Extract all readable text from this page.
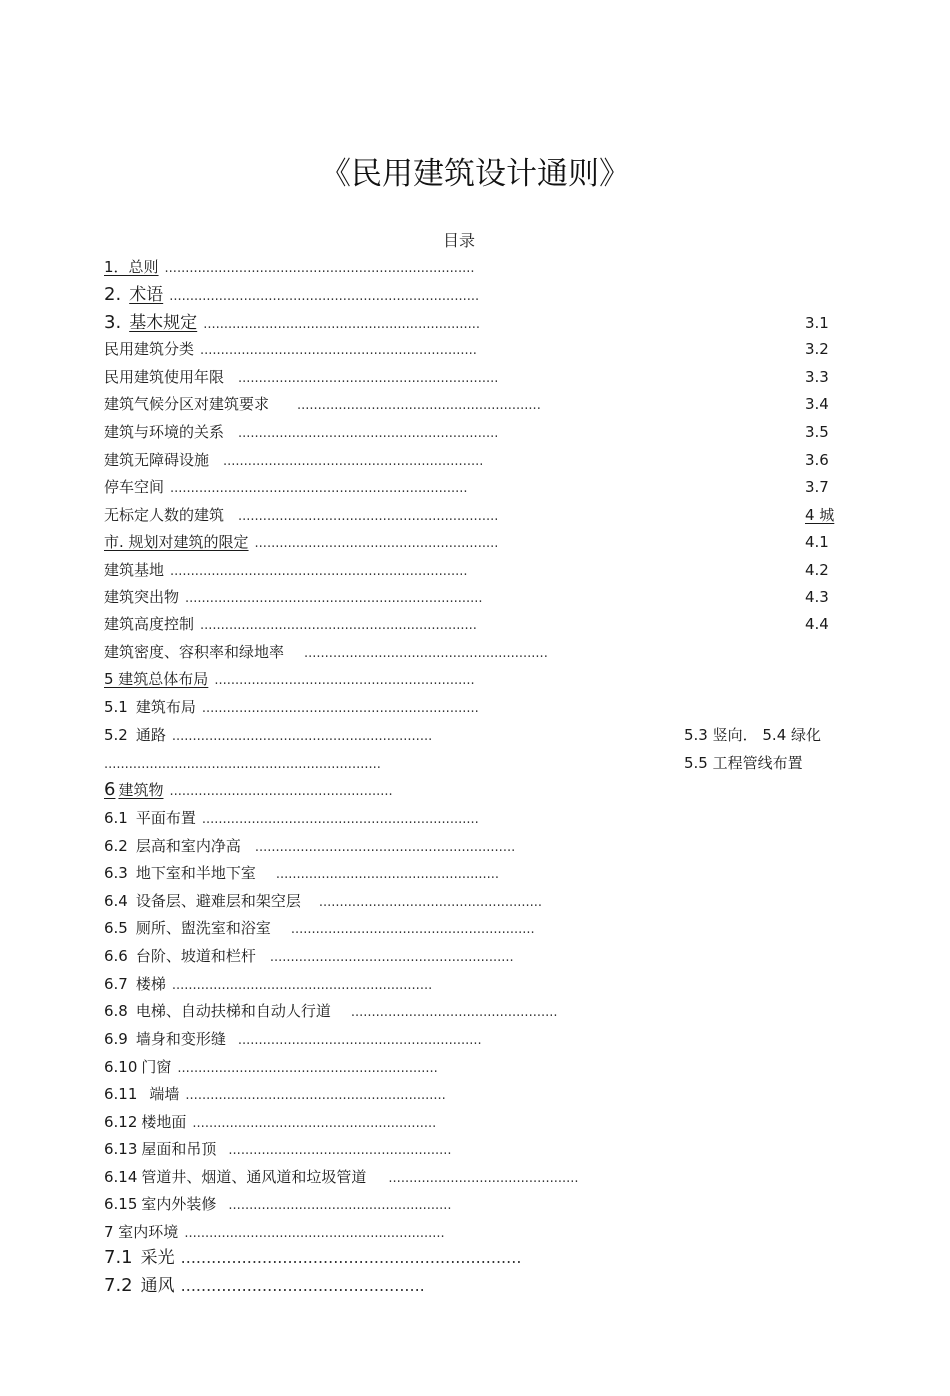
《民用建筑设计通则》
目录
1．总则 ...........................................................................
2. 术语 ...........................................................................
3. 基木规定 ...................................................................	3.1
民用建筑分类 ...................................................................	3.2
民用建筑使用年限 ...............................................................	3.3
建筑气候分区对建筑要求 ...........................................................	3.4
建筑与环境的关系 ...............................................................	3.5
建筑无障碍设施 ...............................................................	3.6
停车空间 ........................................................................	3.7
无标定人数的建筑 ...............................................................	4 城
市. 规划对建筑的限定 ...........................................................	4.1
建筑基地 ........................................................................	4.2
建筑突出物 ........................................................................	4.3
建筑高度控制 ...................................................................	4.4
建筑密度、容积率和绿地率 ...........................................................
5 建筑总体布局 ...............................................................
5.1 建筑布局 ...................................................................
5.2 通路 ...............................................................	5.3 竖向． 5.4 绿化
...................................................................	5.5 工程管线布置
6 建筑物 ......................................................
6.1 平面布置 ...................................................................
6.2 层高和室内净高 ...............................................................
6.3 地下室和半地下室 ......................................................
6.4 设备层、避难层和架空层 ......................................................
6.5 厕所、盥洗室和浴室 ...........................................................
6.6 台阶、坡道和栏杆 ...........................................................
6.7 楼梯 ...............................................................
6.8 电梯、自动扶梯和自动人行道 ..................................................
6.9 墙身和变形缝 ...........................................................
6.10 门窗 ...............................................................
6.11 端墙 ...............................................................
6.12 楼地面 ...........................................................
6.13 屋面和吊顶 ......................................................
6.14 管道井、烟道、通风道和垃圾管道 ..............................................
6.15 室内外装修 ......................................................
7 室内环境 ...............................................................
7.1 采光 ...................................................................
7.2 通风 ................................................
